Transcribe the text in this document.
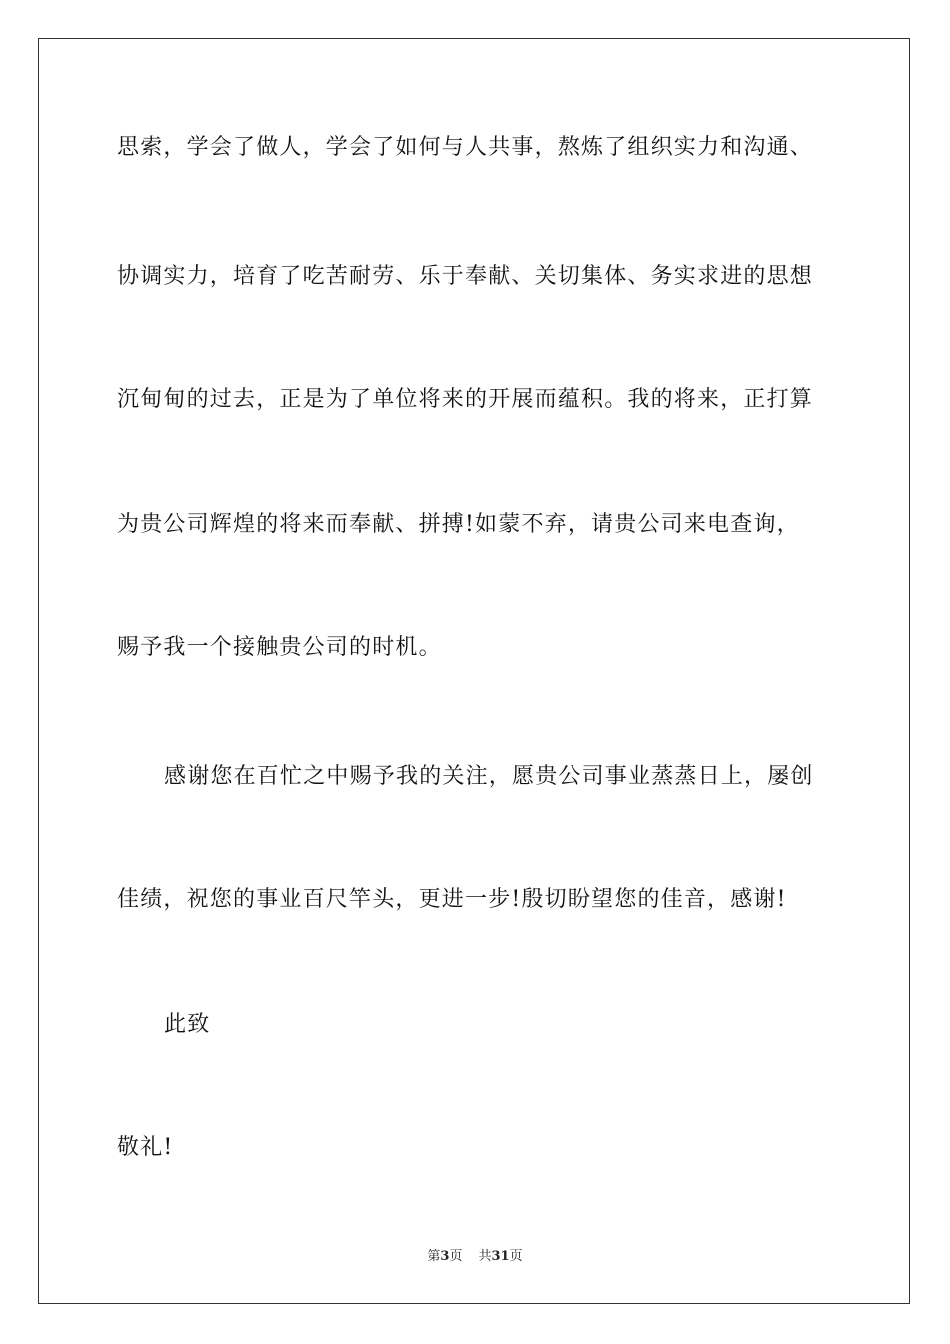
思索，学会了做人，学会了如何与人共事，熬炼了组织实力和沟通、
协调实力，培育了吃苦耐劳、乐于奉献、关切集体、务实求进的思想
沉甸甸的过去，正是为了单位将来的开展而蕴积。我的将来，正打算
为贵公司辉煌的将来而奉献、拼搏!如蒙不弃，请贵公司来电查询，
赐予我一个接触贵公司的时机。
感谢您在百忙之中赐予我的关注，愿贵公司事业蒸蒸日上，屡创
佳绩，祝您的事业百尺竿头，更进一步!殷切盼望您的佳音，感谢!
此致
敬礼!
第3页 共31页
